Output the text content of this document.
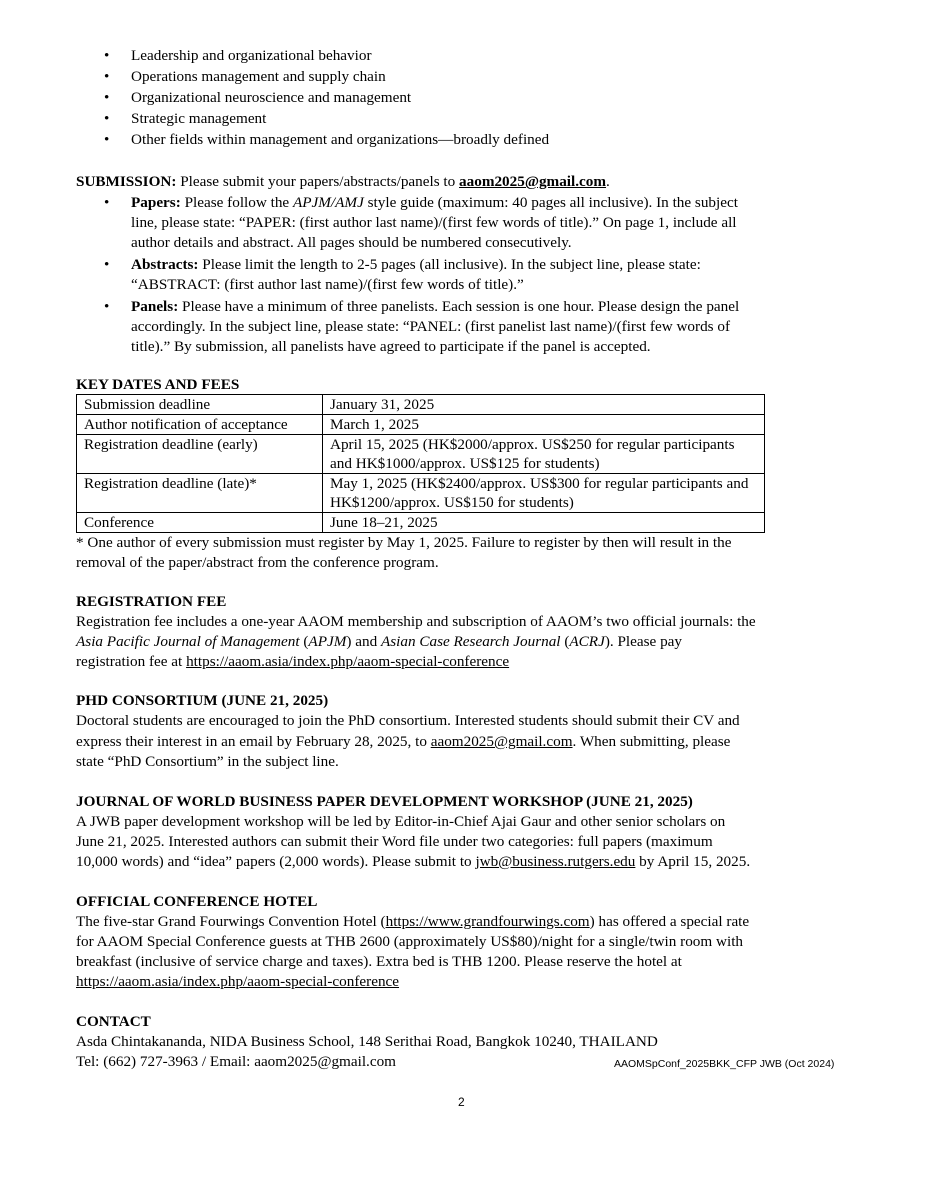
• Leadership and organizational behavior
• Operations management and supply chain
• Organizational neuroscience and management
• Strategic management
• Other fields within management and organizations—broadly defined
SUBMISSION: Please submit your papers/abstracts/panels to aaom2025@gmail.com.
• Papers: Please follow the APJM/AMJ style guide (maximum: 40 pages all inclusive). In the subject
line, please state: “PAPER: (first author last name)/(first few words of title).” On page 1, include all
author details and abstract. All pages should be numbered consecutively.
• Abstracts: Please limit the length to 2-5 pages (all inclusive). In the subject line, please state:
“ABSTRACT: (first author last name)/(first few words of title).”
• Panels: Please have a minimum of three panelists. Each session is one hour. Please design the panel
accordingly. In the subject line, please state: “PANEL: (first panelist last name)/(first few words of
title).” By submission, all panelists have agreed to participate if the panel is accepted.
KEY DATES AND FEES
Submission deadline	January 31, 2025
Author notification of acceptance	March 1, 2025
Registration deadline (early)	April 15, 2025 (HK$2000/approx. US$250 for regular participants and HK$1000/approx. US$125 for students)
Registration deadline (late)*	May 1, 2025 (HK$2400/approx. US$300 for regular participants and HK$1200/approx. US$150 for students)
Conference	June 18–21, 2025
* One author of every submission must register by May 1, 2025. Failure to register by then will result in the
removal of the paper/abstract from the conference program.
REGISTRATION FEE
Registration fee includes a one-year AAOM membership and subscription of AAOM’s two official journals: the
Asia Pacific Journal of Management (APJM) and Asian Case Research Journal (ACRJ). Please pay
registration fee at https://aaom.asia/index.php/aaom-special-conference
PHD CONSORTIUM (JUNE 21, 2025)
Doctoral students are encouraged to join the PhD consortium. Interested students should submit their CV and
express their interest in an email by February 28, 2025, to aaom2025@gmail.com. When submitting, please
state “PhD Consortium” in the subject line.
JOURNAL OF WORLD BUSINESS PAPER DEVELOPMENT WORKSHOP (JUNE 21, 2025)
A JWB paper development workshop will be led by Editor-in-Chief Ajai Gaur and other senior scholars on
June 21, 2025. Interested authors can submit their Word file under two categories: full papers (maximum
10,000 words) and “idea” papers (2,000 words). Please submit to jwb@business.rutgers.edu by April 15, 2025.
OFFICIAL CONFERENCE HOTEL
The five-star Grand Fourwings Convention Hotel (https://www.grandfourwings.com) has offered a special rate
for AAOM Special Conference guests at THB 2600 (approximately US$80)/night for a single/twin room with
breakfast (inclusive of service charge and taxes). Extra bed is THB 1200. Please reserve the hotel at
https://aaom.asia/index.php/aaom-special-conference
CONTACT
Asda Chintakananda, NIDA Business School, 148 Serithai Road, Bangkok 10240, THAILAND
Tel: (662) 727-3963 / Email: aaom2025@gmail.com	AAOMSpConf_2025BKK_CFP JWB (Oct 2024)
2
